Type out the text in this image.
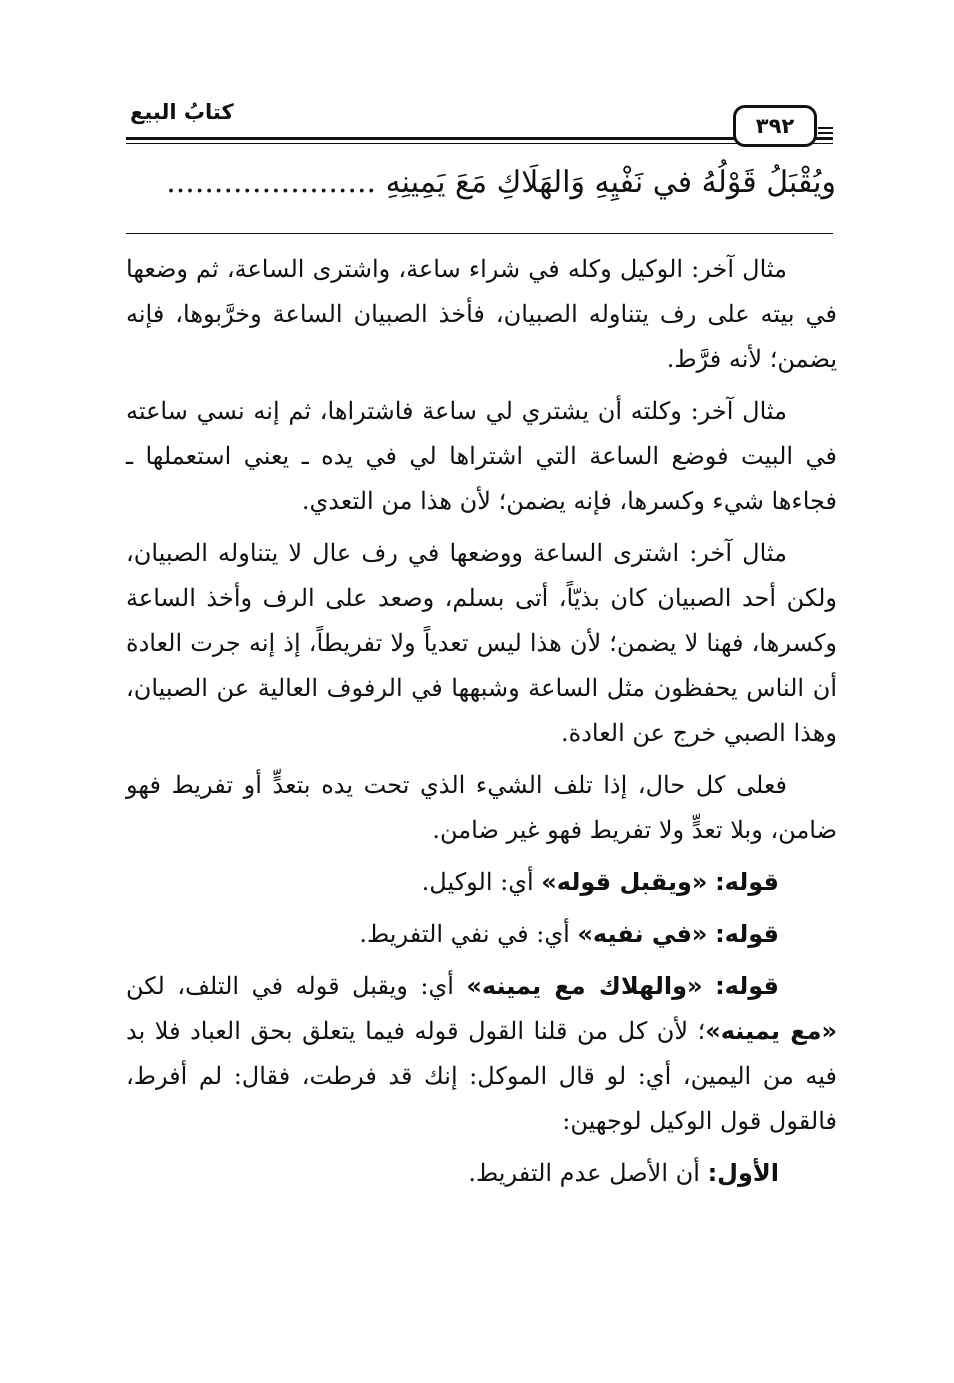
كتابُ البيع
٣٩٢
ويُقْبَلُ قَوْلُهُ في نَفْيِهِ وَالهَلَاكِ مَعَ يَمِينِهِ ......................

مثال آخر: الوكيل وكله في شراء ساعة، واشترى الساعة، ثم وضعها في بيته على رف يتناوله الصبيان، فأخذ الصبيان الساعة وخرَّبوها، فإنه يضمن؛ لأنه فرَّط.

مثال آخر: وكلته أن يشتري لي ساعة فاشتراها، ثم إنه نسي ساعته في البيت فوضع الساعة التي اشتراها لي في يده ـ يعني استعملها ـ فجاءها شيء وكسرها، فإنه يضمن؛ لأن هذا من التعدي.

مثال آخر: اشترى الساعة ووضعها في رف عال لا يتناوله الصبيان، ولكن أحد الصبيان كان بذيّاً، أتى بسلم، وصعد على الرف وأخذ الساعة وكسرها، فهنا لا يضمن؛ لأن هذا ليس تعدياً ولا تفريطاً، إذ إنه جرت العادة أن الناس يحفظون مثل الساعة وشبهها في الرفوف العالية عن الصبيان، وهذا الصبي خرج عن العادة.

فعلى كل حال، إذا تلف الشيء الذي تحت يده بتعدٍّ أو تفريط فهو ضامن، وبلا تعدٍّ ولا تفريط فهو غير ضامن.

قوله: «ويقبل قوله» أي: الوكيل.

قوله: «في نفيه» أي: في نفي التفريط.

قوله: «والهلاك مع يمينه» أي: ويقبل قوله في التلف، لكن «مع يمينه»؛ لأن كل من قلنا القول قوله فيما يتعلق بحق العباد فلا بد فيه من اليمين، أي: لو قال الموكل: إنك قد فرطت، فقال: لم أفرط، فالقول قول الوكيل لوجهين:

الأول: أن الأصل عدم التفريط.
